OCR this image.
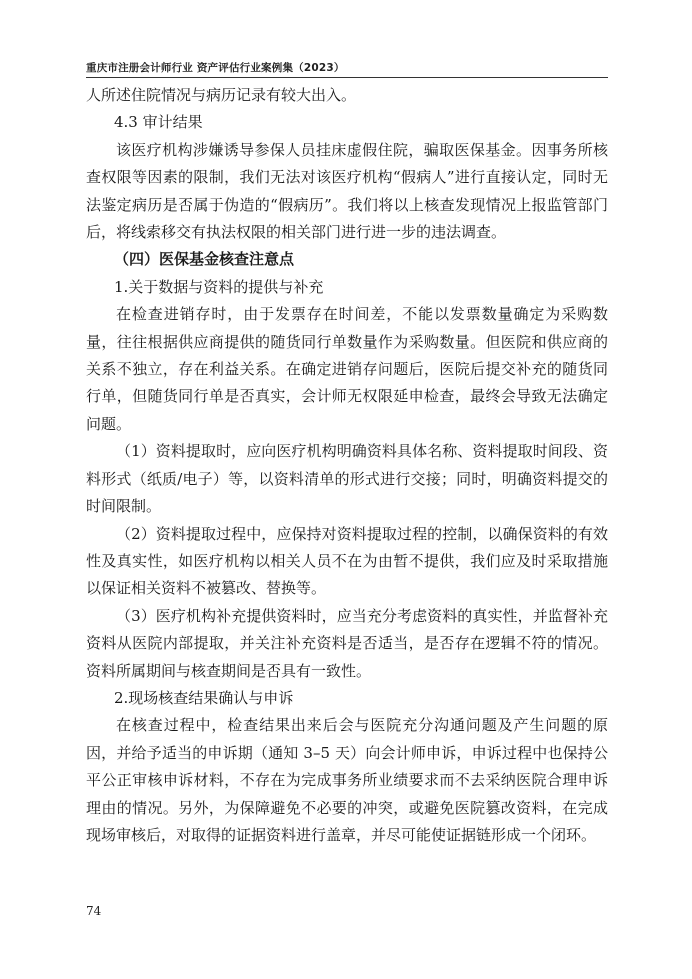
重庆市注册会计师行业 资产评估行业案例集（2023）

人所述住院情况与病历记录有较大出入。

4.3 审计结果

该医疗机构涉嫌诱导参保人员挂床虚假住院，骗取医保基金。因事务所核查权限等因素的限制，我们无法对该医疗机构“假病人”进行直接认定，同时无法鉴定病历是否属于伪造的“假病历”。我们将以上核查发现情况上报监管部门后，将线索移交有执法权限的相关部门进行进一步的违法调查。

（四）医保基金核查注意点

1.关于数据与资料的提供与补充

在检查进销存时，由于发票存在时间差，不能以发票数量确定为采购数量，往往根据供应商提供的随货同行单数量作为采购数量。但医院和供应商的关系不独立，存在利益关系。在确定进销存问题后，医院后提交补充的随货同行单，但随货同行单是否真实，会计师无权限延申检查，最终会导致无法确定问题。

（1）资料提取时，应向医疗机构明确资料具体名称、资料提取时间段、资料形式（纸质/电子）等，以资料清单的形式进行交接；同时，明确资料提交的时间限制。

（2）资料提取过程中，应保持对资料提取过程的控制，以确保资料的有效性及真实性，如医疗机构以相关人员不在为由暂不提供，我们应及时采取措施以保证相关资料不被篡改、替换等。

（3）医疗机构补充提供资料时，应当充分考虑资料的真实性，并监督补充资料从医院内部提取，并关注补充资料是否适当，是否存在逻辑不符的情况。资料所属期间与核查期间是否具有一致性。

2.现场核查结果确认与申诉

在核查过程中，检查结果出来后会与医院充分沟通问题及产生问题的原因，并给予适当的申诉期（通知 3–5 天）向会计师申诉，申诉过程中也保持公平公正审核申诉材料，不存在为完成事务所业绩要求而不去采纳医院合理申诉理由的情况。另外，为保障避免不必要的冲突，或避免医院篡改资料，在完成现场审核后，对取得的证据资料进行盖章，并尽可能使证据链形成一个闭环。

74
